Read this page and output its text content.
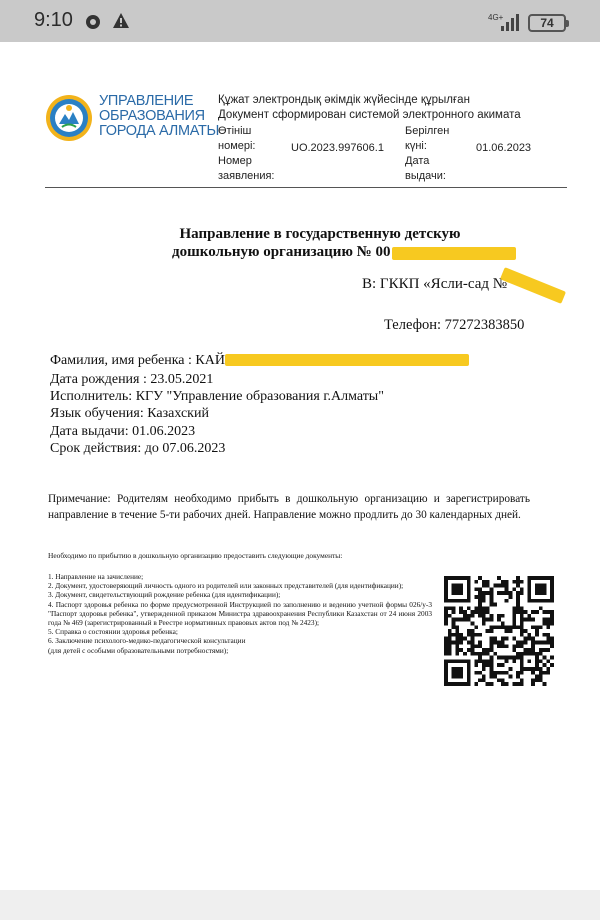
9:10	4G+	74
УПРАВЛЕНИЕ
ОБРАЗОВАНИЯ
ГОРОДА АЛМАТЫ
Құжат электрондық әкімдік жүйесінде құрылған
Документ сформирован системой электронного акимата
Өтініш
номері:
Номер
заявления:
UO.2023.997606.1
Берілген
күні:
Дата
выдачи:
01.06.2023
Направление в государственную детскую
дошкольную организацию № 00
В: ГККП «Ясли-сад №
Телефон: 77272383850
Фамилия, имя ребенка : КАЙ
Дата рождения : 23.05.2021
Исполнитель: КГУ "Управление образования г.Алматы"
Язык обучения: Казахский
Дата выдачи: 01.06.2023
Срок действия: до 07.06.2023
Примечание: Родителям необходимо прибыть в дошкольную организацию и зарегистрировать направление в течение 5-ти рабочих дней. Направление можно продлить до 30 календарных дней.
Необходимо по прибытию в дошкольную организацию предоставить следующие документы:
1. Направление на зачисление;
2. Документ, удостоверяющий личность одного из родителей или законных представителей (для идентификации);
3. Документ, свидетельствующий рождение ребенка (для идентификации);
4. Паспорт здоровья ребенка по форме предусмотренной Инструкцией по заполнению и ведению учетной формы 026/у-3 "Паспорт здоровья ребенка", утвержденной приказом Министра здравоохранения Республики Казахстан от 24 июня 2003 года № 469 (зарегистрированный в Реестре нормативных правовых актов под № 2423);
5. Справка о состоянии здоровья ребенка;
6. Заключение психолого-медико-педагогической консультации
(для детей с особыми образовательными потребностями);
